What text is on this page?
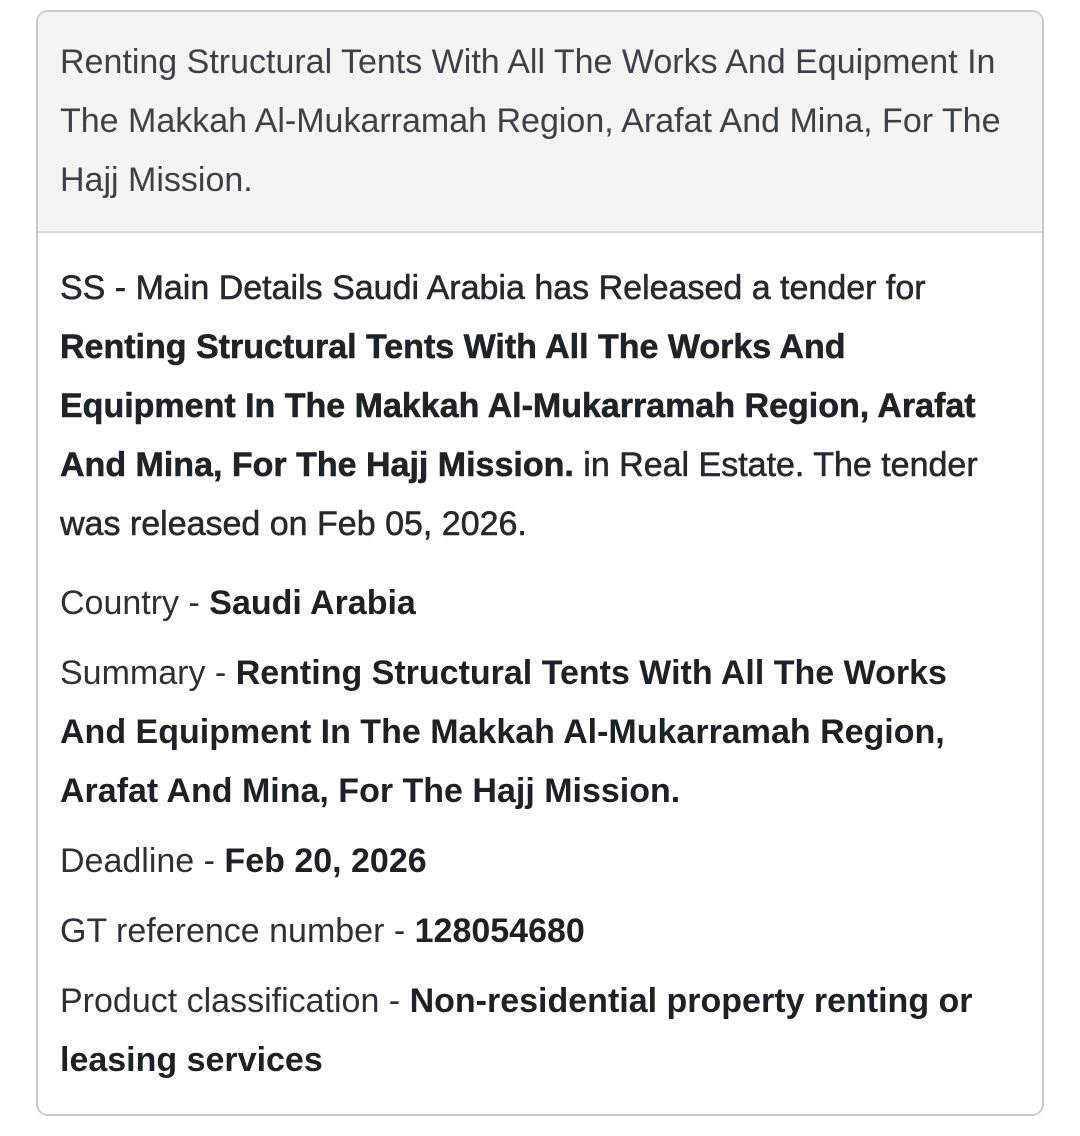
Renting Structural Tents With All The Works And Equipment In The Makkah Al-Mukarramah Region, Arafat And Mina, For The Hajj Mission.

SS - Main Details Saudi Arabia has Released a tender for Renting Structural Tents With All The Works And Equipment In The Makkah Al-Mukarramah Region, Arafat And Mina, For The Hajj Mission. in Real Estate. The tender was released on Feb 05, 2026.

Country - Saudi Arabia

Summary - Renting Structural Tents With All The Works And Equipment In The Makkah Al-Mukarramah Region, Arafat And Mina, For The Hajj Mission.

Deadline - Feb 20, 2026

GT reference number - 128054680

Product classification - Non-residential property renting or leasing services
